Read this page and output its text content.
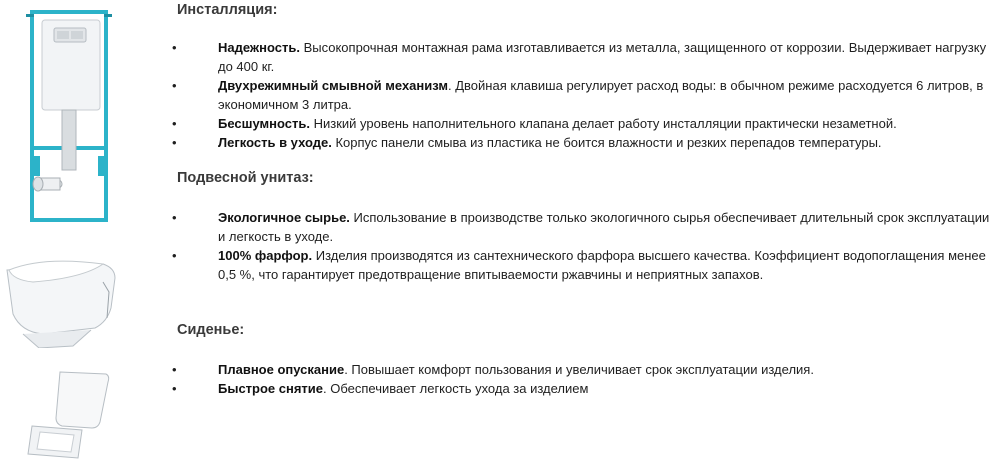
Инсталляция:
•	Надежность. Высокопрочная монтажная рама изготавливается из металла, защищенного от коррозии. Выдерживает нагрузку до 400 кг.
•	Двухрежимный смывной механизм. Двойная клавиша регулирует расход воды: в обычном режиме расходуется 6 литров, в экономичном 3 литра.
•	Бесшумность. Низкий уровень наполнительного клапана делает работу инсталляции практически незаметной.
•	Легкость в уходе. Корпус панели смыва из пластика не боится влажности и резких перепадов температуры.
Подвесной унитаз:
•	Экологичное сырье. Использование в производстве только экологичного сырья обеспечивает длительный срок эксплуатации и легкость в уходе.
•	100% фарфор. Изделия производятся из сантехнического фарфора высшего качества. Коэффициент водопоглащения менее 0,5 %, что гарантирует предотвращение впитываемости ржавчины и неприятных запахов.
Сиденье:
•	Плавное опускание. Повышает комфорт пользования и увеличивает срок эксплуатации изделия.
•	Быстрое снятие. Обеспечивает легкость ухода за изделием
